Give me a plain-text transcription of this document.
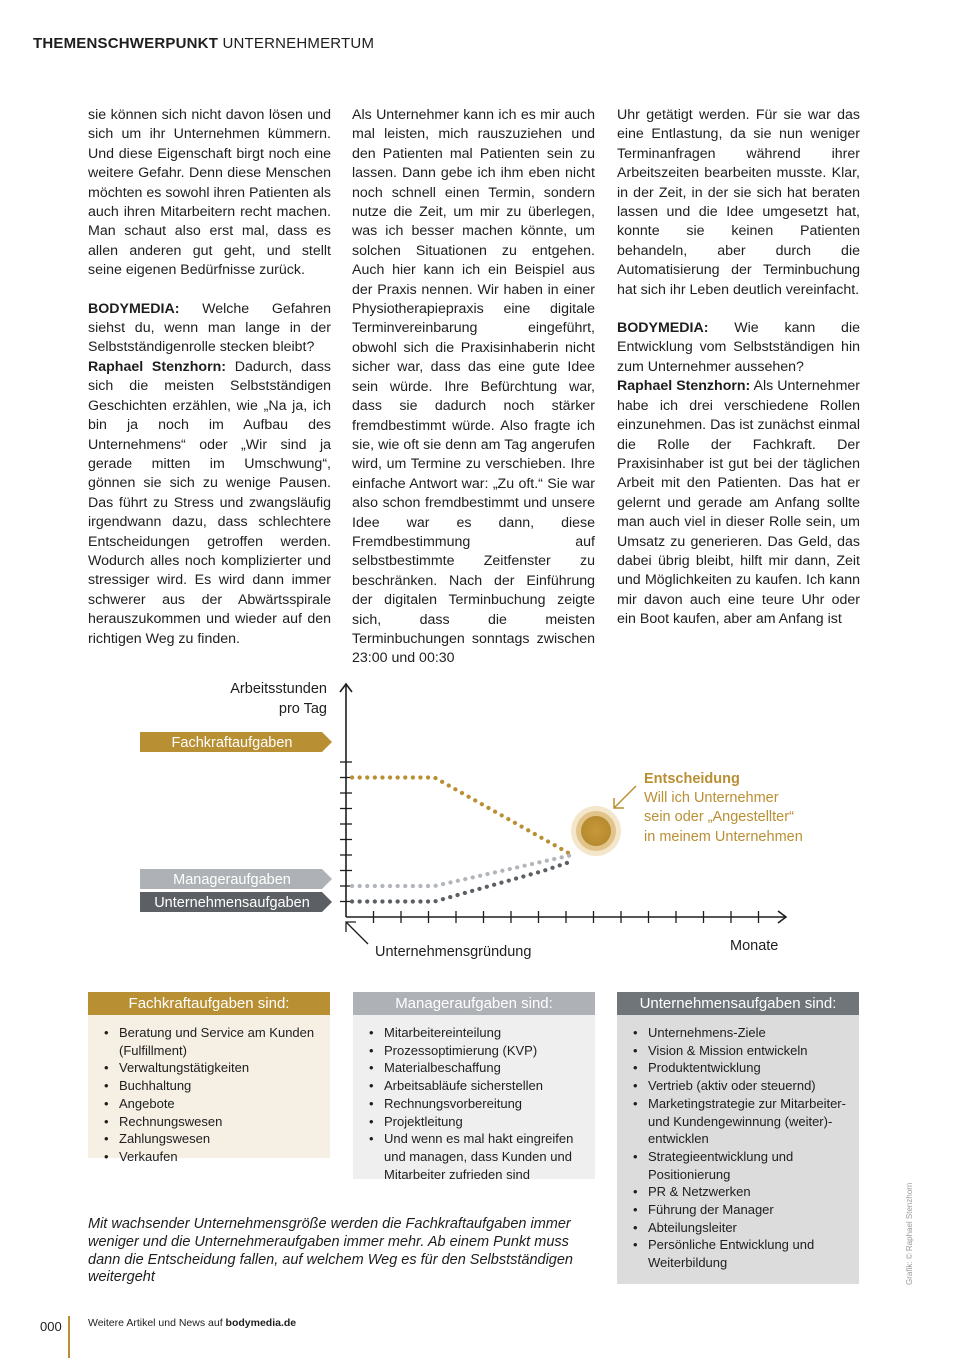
THEMENSCHWERPUNKT UNTERNEHMERTUM

sie können sich nicht davon lösen und sich um ihr Unternehmen kümmern. Und diese Eigenschaft birgt noch eine weitere Gefahr. Denn diese Menschen möchten es sowohl ihren Patienten als auch ihren Mitarbeitern recht machen. Man schaut also erst mal, dass es allen anderen gut geht, und stellt seine eigenen Bedürfnisse zurück.

BODYMEDIA: Welche Gefahren siehst du, wenn man lange in der Selbstständigenrolle stecken bleibt?

Raphael Stenzhorn: Dadurch, dass sich die meisten Selbstständigen Geschichten erzählen, wie „Na ja, ich bin ja noch im Aufbau des Unternehmens“ oder „Wir sind ja gerade mitten im Umschwung“, gönnen sie sich zu wenige Pausen. Das führt zu Stress und zwangsläufig irgendwann dazu, dass schlechtere Entscheidungen getroffen werden. Wodurch alles noch komplizierter und stressiger wird. Es wird dann immer schwerer aus der Abwärtsspirale herauszukommen und wieder auf den richtigen Weg zu finden.

Als Unternehmer kann ich es mir auch mal leisten, mich rauszuziehen und den Patienten mal Patienten sein zu lassen. Dann gebe ich ihm eben nicht noch schnell einen Termin, sondern nutze die Zeit, um mir zu überlegen, was ich besser machen könnte, um solchen Situationen zu entgehen. Auch hier kann ich ein Beispiel aus der Praxis nennen. Wir haben in einer Physiotherapiepraxis eine digitale Terminvereinbarung eingeführt, obwohl sich die Praxisinhaberin nicht sicher war, dass das eine gute Idee sein würde. Ihre Befürchtung war, dass sie dadurch noch stärker fremdbestimmt würde. Also fragte ich sie, wie oft sie denn am Tag angerufen wird, um Termine zu verschieben. Ihre einfache Antwort war: „Zu oft.“ Sie war also schon fremdbestimmt und unsere Idee war es dann, diese Fremdbestimmung auf selbstbestimmte Zeitfenster zu beschränken. Nach der Einführung der digitalen Terminbuchung zeigte sich, dass die meisten Terminbuchungen sonntags zwischen 23:00 und 00:30

Uhr getätigt werden. Für sie war das eine Entlastung, da sie nun weniger Terminanfragen während ihrer Arbeitszeiten bearbeiten musste. Klar, in der Zeit, in der sie sich hat beraten lassen und die Idee umgesetzt hat, konnte sie keinen Patienten behandeln, aber durch die Automatisierung der Terminbuchung hat sich ihr Leben deutlich vereinfacht.

BODYMEDIA: Wie kann die Entwicklung vom Selbstständigen hin zum Unternehmer aussehen?

Raphael Stenzhorn: Als Unternehmer habe ich drei verschiedene Rollen einzunehmen. Das ist zunächst einmal die Rolle der Fachkraft. Der Praxisinhaber ist gut bei der täglichen Arbeit mit den Patienten. Das hat er gelernt und gerade am Anfang sollte man auch viel in dieser Rolle sein, um Umsatz zu generieren. Das Geld, das dabei übrig bleibt, hilft mir dann, Zeit und Möglichkeiten zu kaufen. Ich kann mir davon auch eine teure Uhr oder ein Boot kaufen, aber am Anfang ist

Arbeitsstunden
pro Tag
Fachkraftaufgaben
Manageraufgaben
Unternehmensaufgaben
Entscheidung
Will ich Unternehmer
sein oder „Angestellter“
in meinem Unternehmen
Unternehmensgründung	Monate
Fachkraftaufgaben sind:
• Beratung und Service am Kunden (Fulfillment)
• Verwaltungstätigkeiten
• Buchhaltung
• Angebote
• Rechnungswesen
• Zahlungswesen
• Verkaufen
Manageraufgaben sind:
• Mitarbeitereinteilung
• Prozessoptimierung (KVP)
• Materialbeschaffung
• Arbeitsabläufe sicherstellen
• Rechnungsvorbereitung
• Projektleitung
• Und wenn es mal hakt eingreifen und managen, dass Kunden und Mitarbeiter zufrieden sind
Unternehmensaufgaben sind:
• Unternehmens-Ziele
• Vision & Mission entwickeln
• Produktentwicklung
• Vertrieb (aktiv oder steuernd)
• Marketingstrategie zur Mitarbeiter- und Kundengewinnung (weiter)-entwicklen
• Strategieentwicklung und Positionierung
• PR & Netzwerken
• Führung der Manager
• Abteilungsleiter
• Persönliche Entwicklung und Weiterbildung
Mit wachsender Unternehmensgröße werden die Fachkraftaufgaben immer weniger und die Unternehmeraufgaben immer mehr. Ab einem Punkt muss dann die Entscheidung fallen, auf welchem Weg es für den Selbstständigen weitergeht	Grafik: © Raphael Stenzhorn
000	Weitere Artikel und News auf bodymedia.de
